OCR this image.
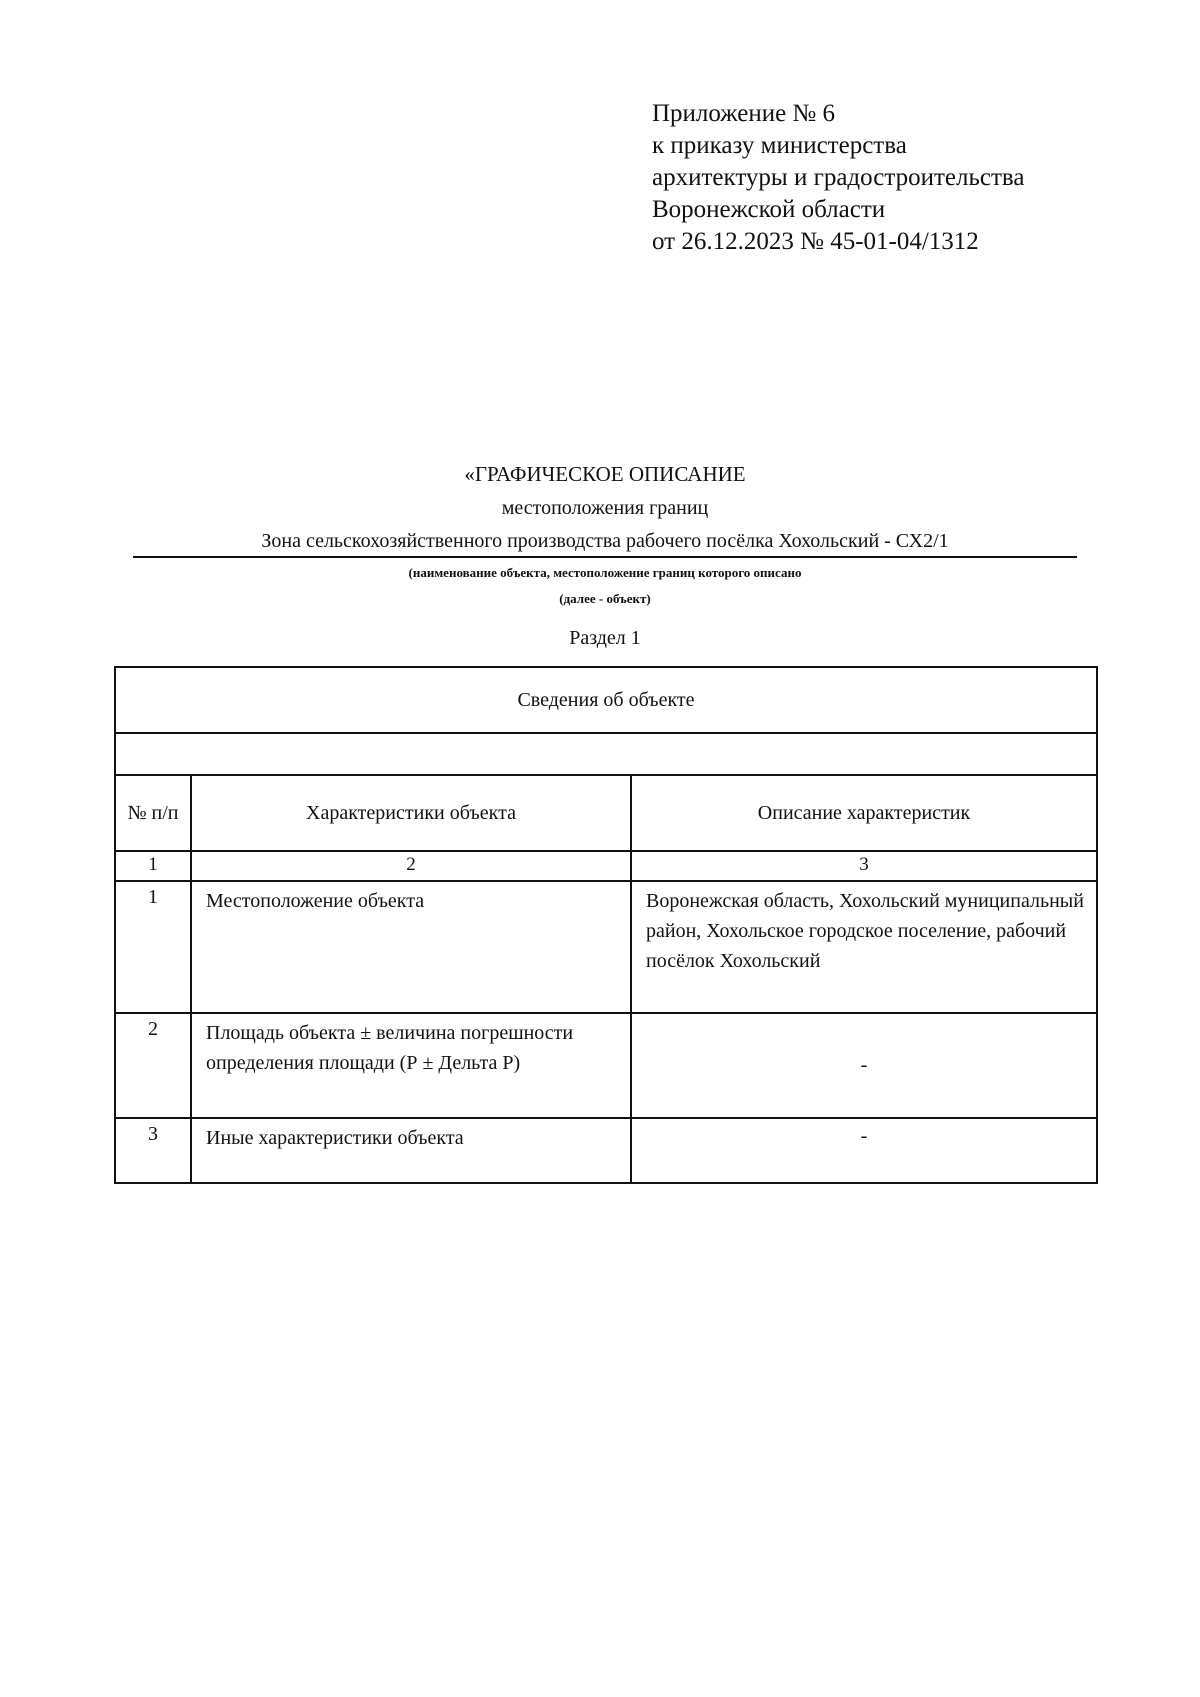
Приложение № 6
к приказу министерства
архитектуры и градостроительства
Воронежской области
от 26.12.2023 № 45-01-04/1312
«ГРАФИЧЕСКОЕ ОПИСАНИЕ
местоположения границ
Зона сельскохозяйственного производства рабочего посёлка Хохольский - СХ2/1
(наименование объекта, местоположение границ которого описано
(далее - объект)
Раздел 1
Сведения об объекте		

№ п/п	Характеристики объекта	Описание характеристик
1	2	3
1	Местоположение объекта	Воронежская область, Хохольский муниципальный район, Хохольское городское поселение, рабочий посёлок Хохольский
2	Площадь объекта ± величина погрешности определения площади (Р ± Дельта Р)	-
3	Иные характеристики объекта	-
